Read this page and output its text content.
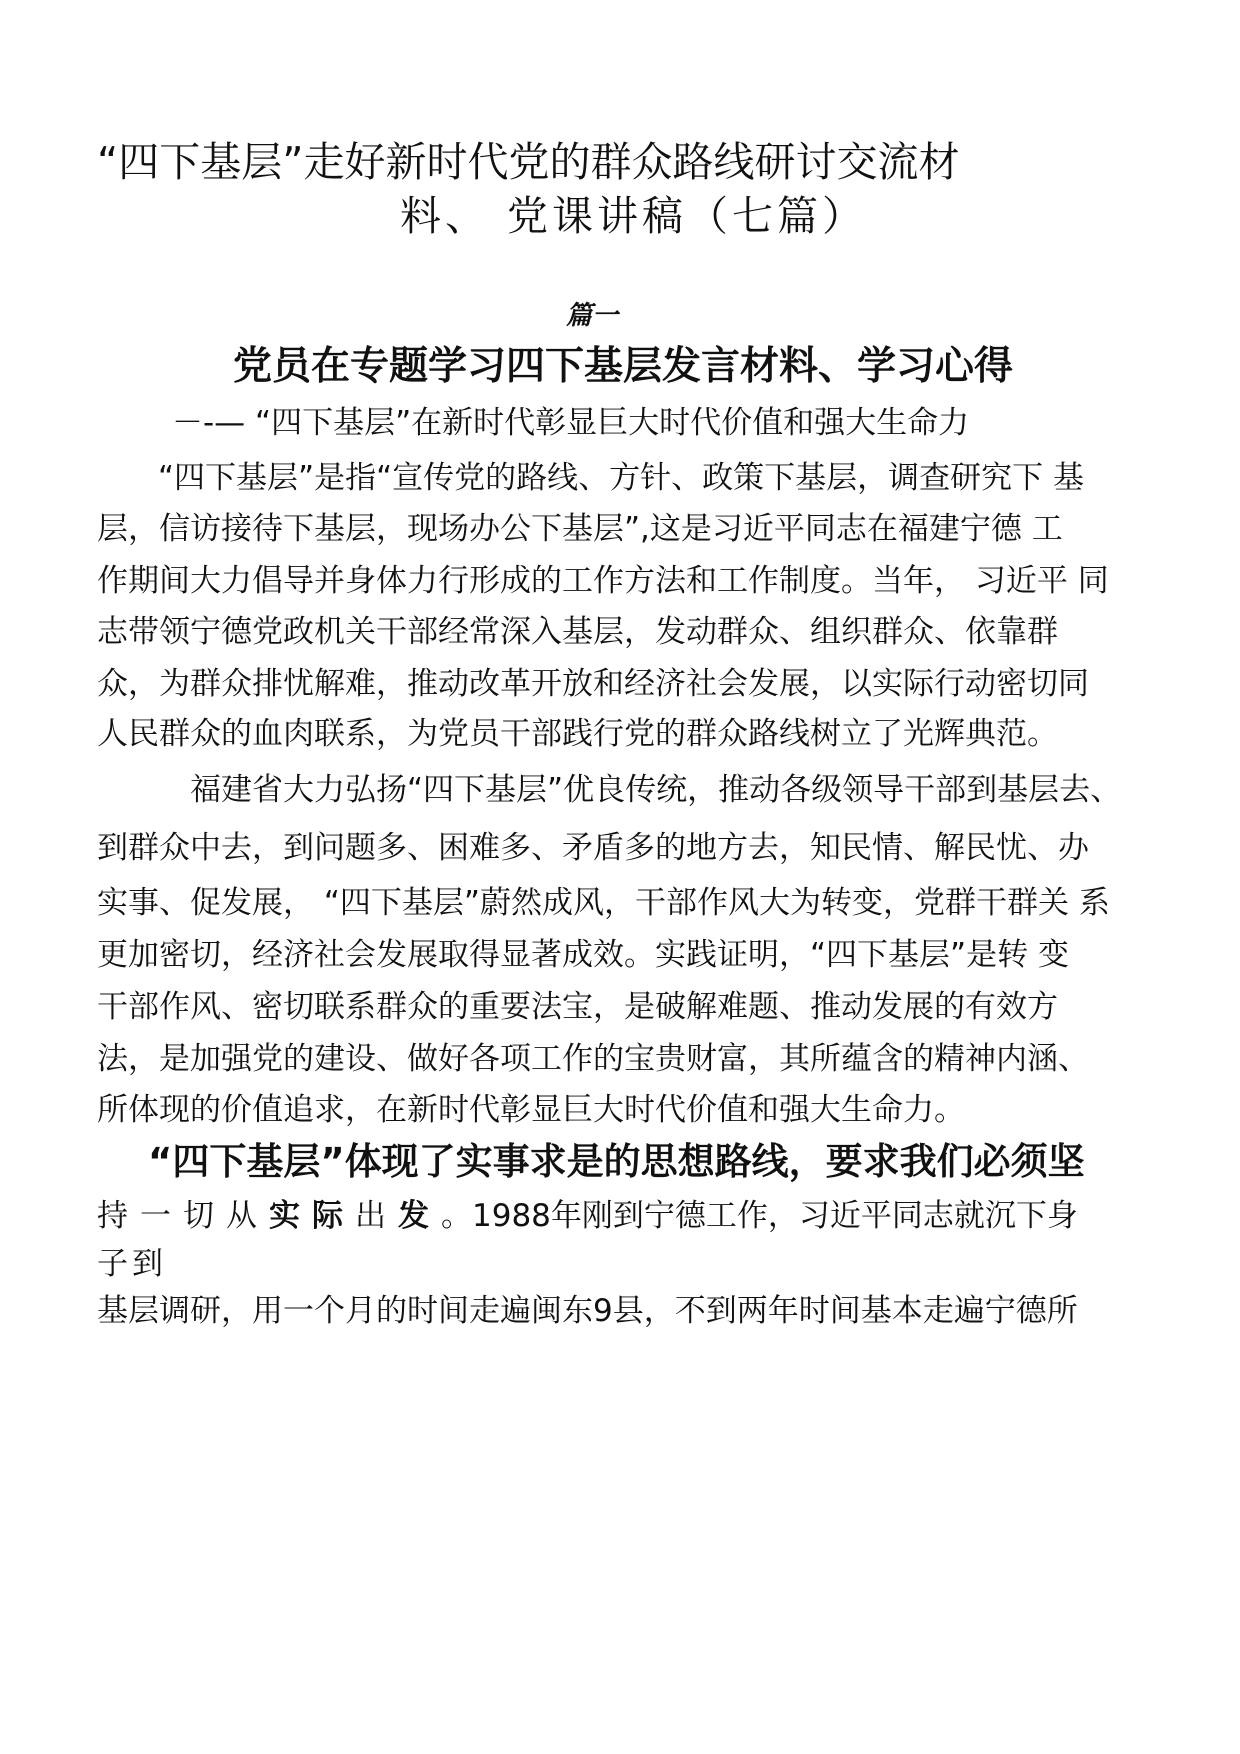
“四下基层”走好新时代党的群众路线研讨交流材
料、 党课讲稿（七篇）
篇一
党员在专题学习四下基层发言材料、学习心得
－-— “四下基层”在新时代彰显巨大时代价值和强大生命力
“四下基层”是指“宣传党的路线、方针、政策下基层，调查研究下 基
层，信访接待下基层，现场办公下基层”,这是习近平同志在福建宁德 工
作期间大力倡导并身体力行形成的工作方法和工作制度。当年， 习近平 同
志带领宁德党政机关干部经常深入基层，发动群众、组织群众、依靠群
众，为群众排忧解难，推动改革开放和经济社会发展，以实际行动密切同
人民群众的血肉联系，为党员干部践行党的群众路线树立了光辉典范。
福建省大力弘扬“四下基层”优良传统，推动各级领导干部到基层去、
到群众中去，到问题多、困难多、矛盾多的地方去，知民情、解民忧、办
实事、促发展， “四下基层”蔚然成风，干部作风大为转变，党群干群关 系
更加密切，经济社会发展取得显著成效。实践证明，“四下基层”是转 变
干部作风、密切联系群众的重要法宝，是破解难题、推动发展的有效方
法，是加强党的建设、做好各项工作的宝贵财富，其所蕴含的精神内涵、
所体现的价值追求，在新时代彰显巨大时代价值和强大生命力。
“四下基层”体现了实事求是的思想路线，要求我们必须坚
持一切从实际出发。1988年刚到宁德工作，习近平同志就沉下身
子到
基层调研，用一个月的时间走遍闽东9县，不到两年时间基本走遍宁德所
